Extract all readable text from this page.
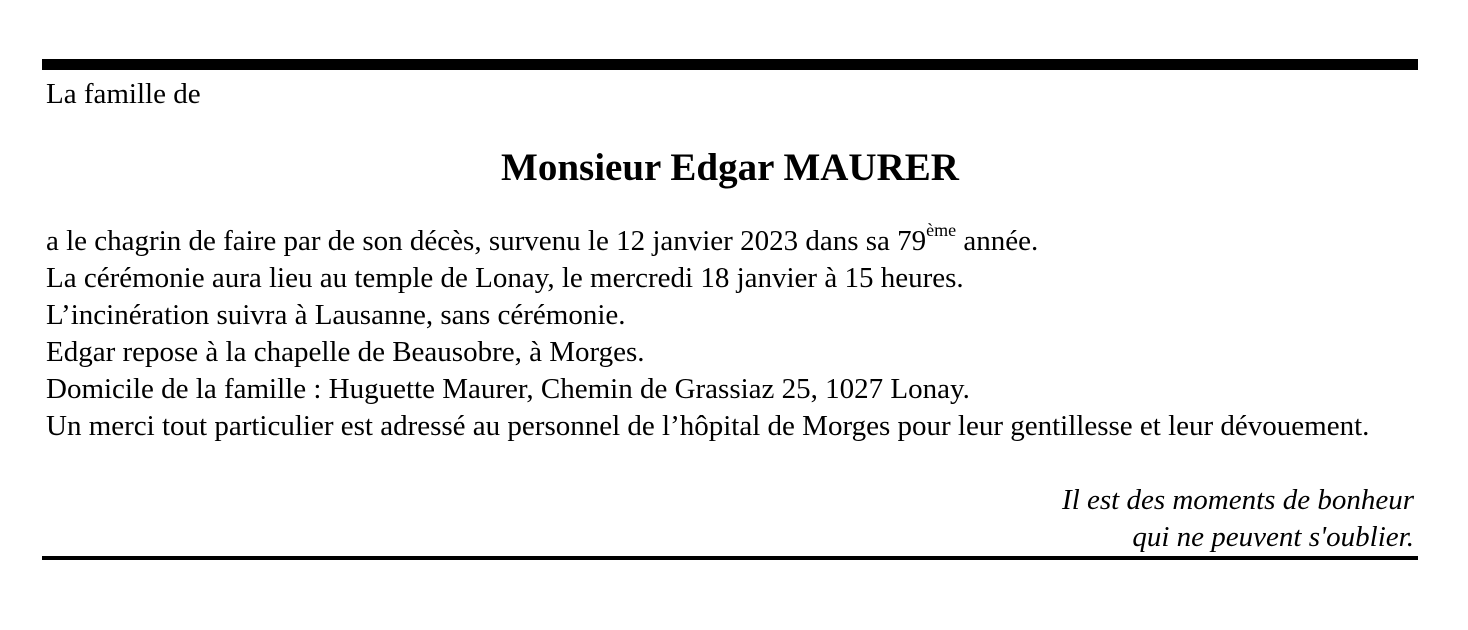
La famille de
Monsieur Edgar MAURER
a le chagrin de faire par de son décès, survenu le 12 janvier 2023 dans sa 79ème année.
La cérémonie aura lieu au temple de Lonay, le mercredi 18 janvier à 15 heures.
L’incinération suivra à Lausanne, sans cérémonie.
Edgar repose à la chapelle de Beausobre, à Morges.
Domicile de la famille : Huguette Maurer, Chemin de Grassiaz 25, 1027 Lonay.
Un merci tout particulier est adressé au personnel de l’hôpital de Morges pour leur gentillesse et leur dévouement.
Il est des moments de bonheur
qui ne peuvent s'oublier.
